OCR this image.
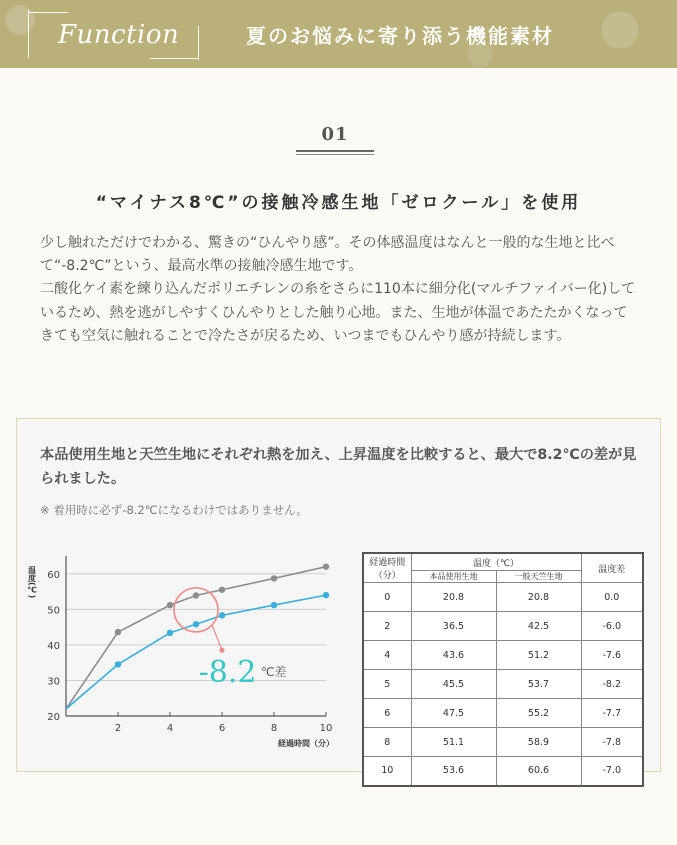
Function	夏のお悩みに寄り添う機能素材
01
“マイナス8℃”の接触冷感生地「ゼロクール」を使用

少し触れただけでわかる、驚きの“ひんやり感”。その体感温度はなんと一般的な生地と比べて“-8.2℃”という、最高水準の接触冷感生地です。

二酸化ケイ素を練り込んだポリエチレンの糸をさらに110本に細分化(マルチファイバー化)しているため、熱を逃がしやすくひんやりとした触り心地。また、生地が体温であたたかくなってきても空気に触れることで冷たさが戻るため、いつまでもひんやり感が持続します。

本品使用生地と天竺生地にそれぞれ熱を加え、上昇温度を比較すると、最大で8.2℃の差が見られました。
※ 着用時に必ず-8.2℃になるわけではありません。
20
30
40
50
60
2	4	6	8	10
温度(℃)
経過時間（分）
-8.2 ℃差
経過時間（分）	温度（℃）		温度差
	本品使用生地	一般天竺生地	
0	20.8	20.8	0.0
2	36.5	42.5	-6.0
4	43.6	51.2	-7.6
5	45.5	53.7	-8.2
6	47.5	55.2	-7.7
8	51.1	58.9	-7.8
10	53.6	60.6	-7.0
